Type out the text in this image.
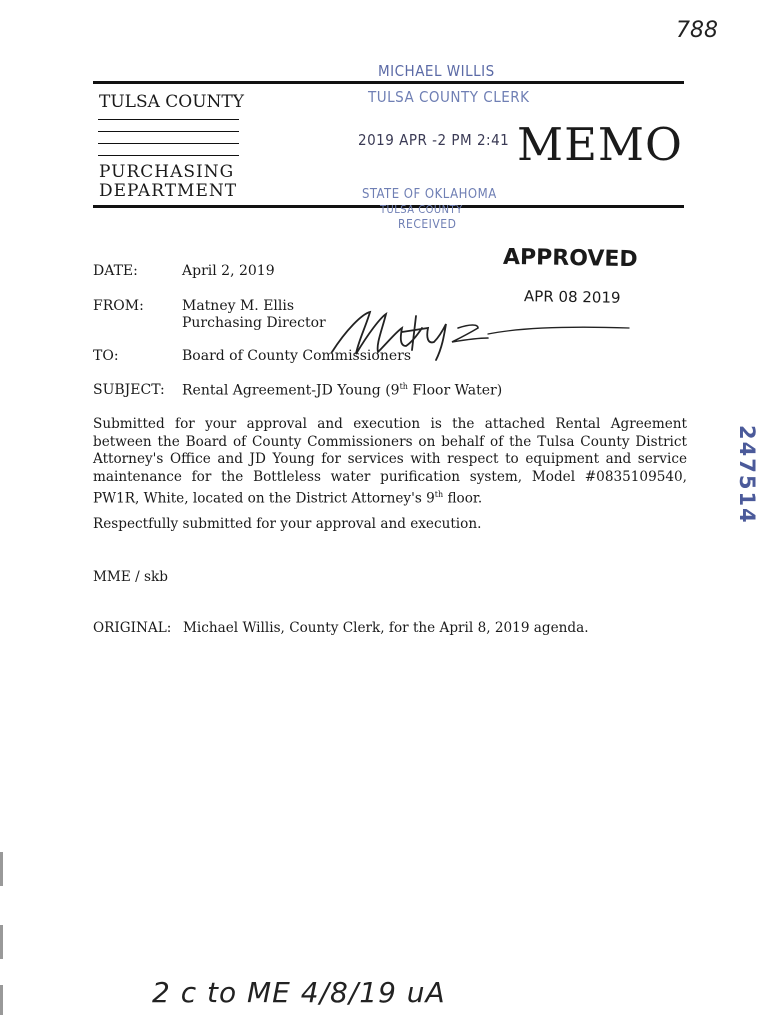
788
MICHAEL WILLIS
TULSA COUNTY CLERK
TULSA COUNTY
PURCHASING
DEPARTMENT
2019 APR -2 PM 2:41 MEMO
STATE OF OKLAHOMA
TULSA COUNTY
RECEIVED
APPROVED
APR 08 2019
DATE:	April 2, 2019
FROM:	Matney M. Ellis
Purchasing Director
TO:	Board of County Commissioners
SUBJECT: Rental Agreement-JD Young (9th Floor Water)
Submitted for your approval and execution is the attached Rental Agreement between the Board of County Commissioners on behalf of the Tulsa County District Attorney's Office and JD Young for services with respect to equipment and service maintenance for the Bottleless water purification system, Model #0835109540, PW1R, White, located on the District Attorney's 9th floor.
Respectfully submitted for your approval and execution.
MME / skb
ORIGINAL: Michael Willis, County Clerk, for the April 8, 2019 agenda.
247514
2 c to ME 4/8/19 uA
